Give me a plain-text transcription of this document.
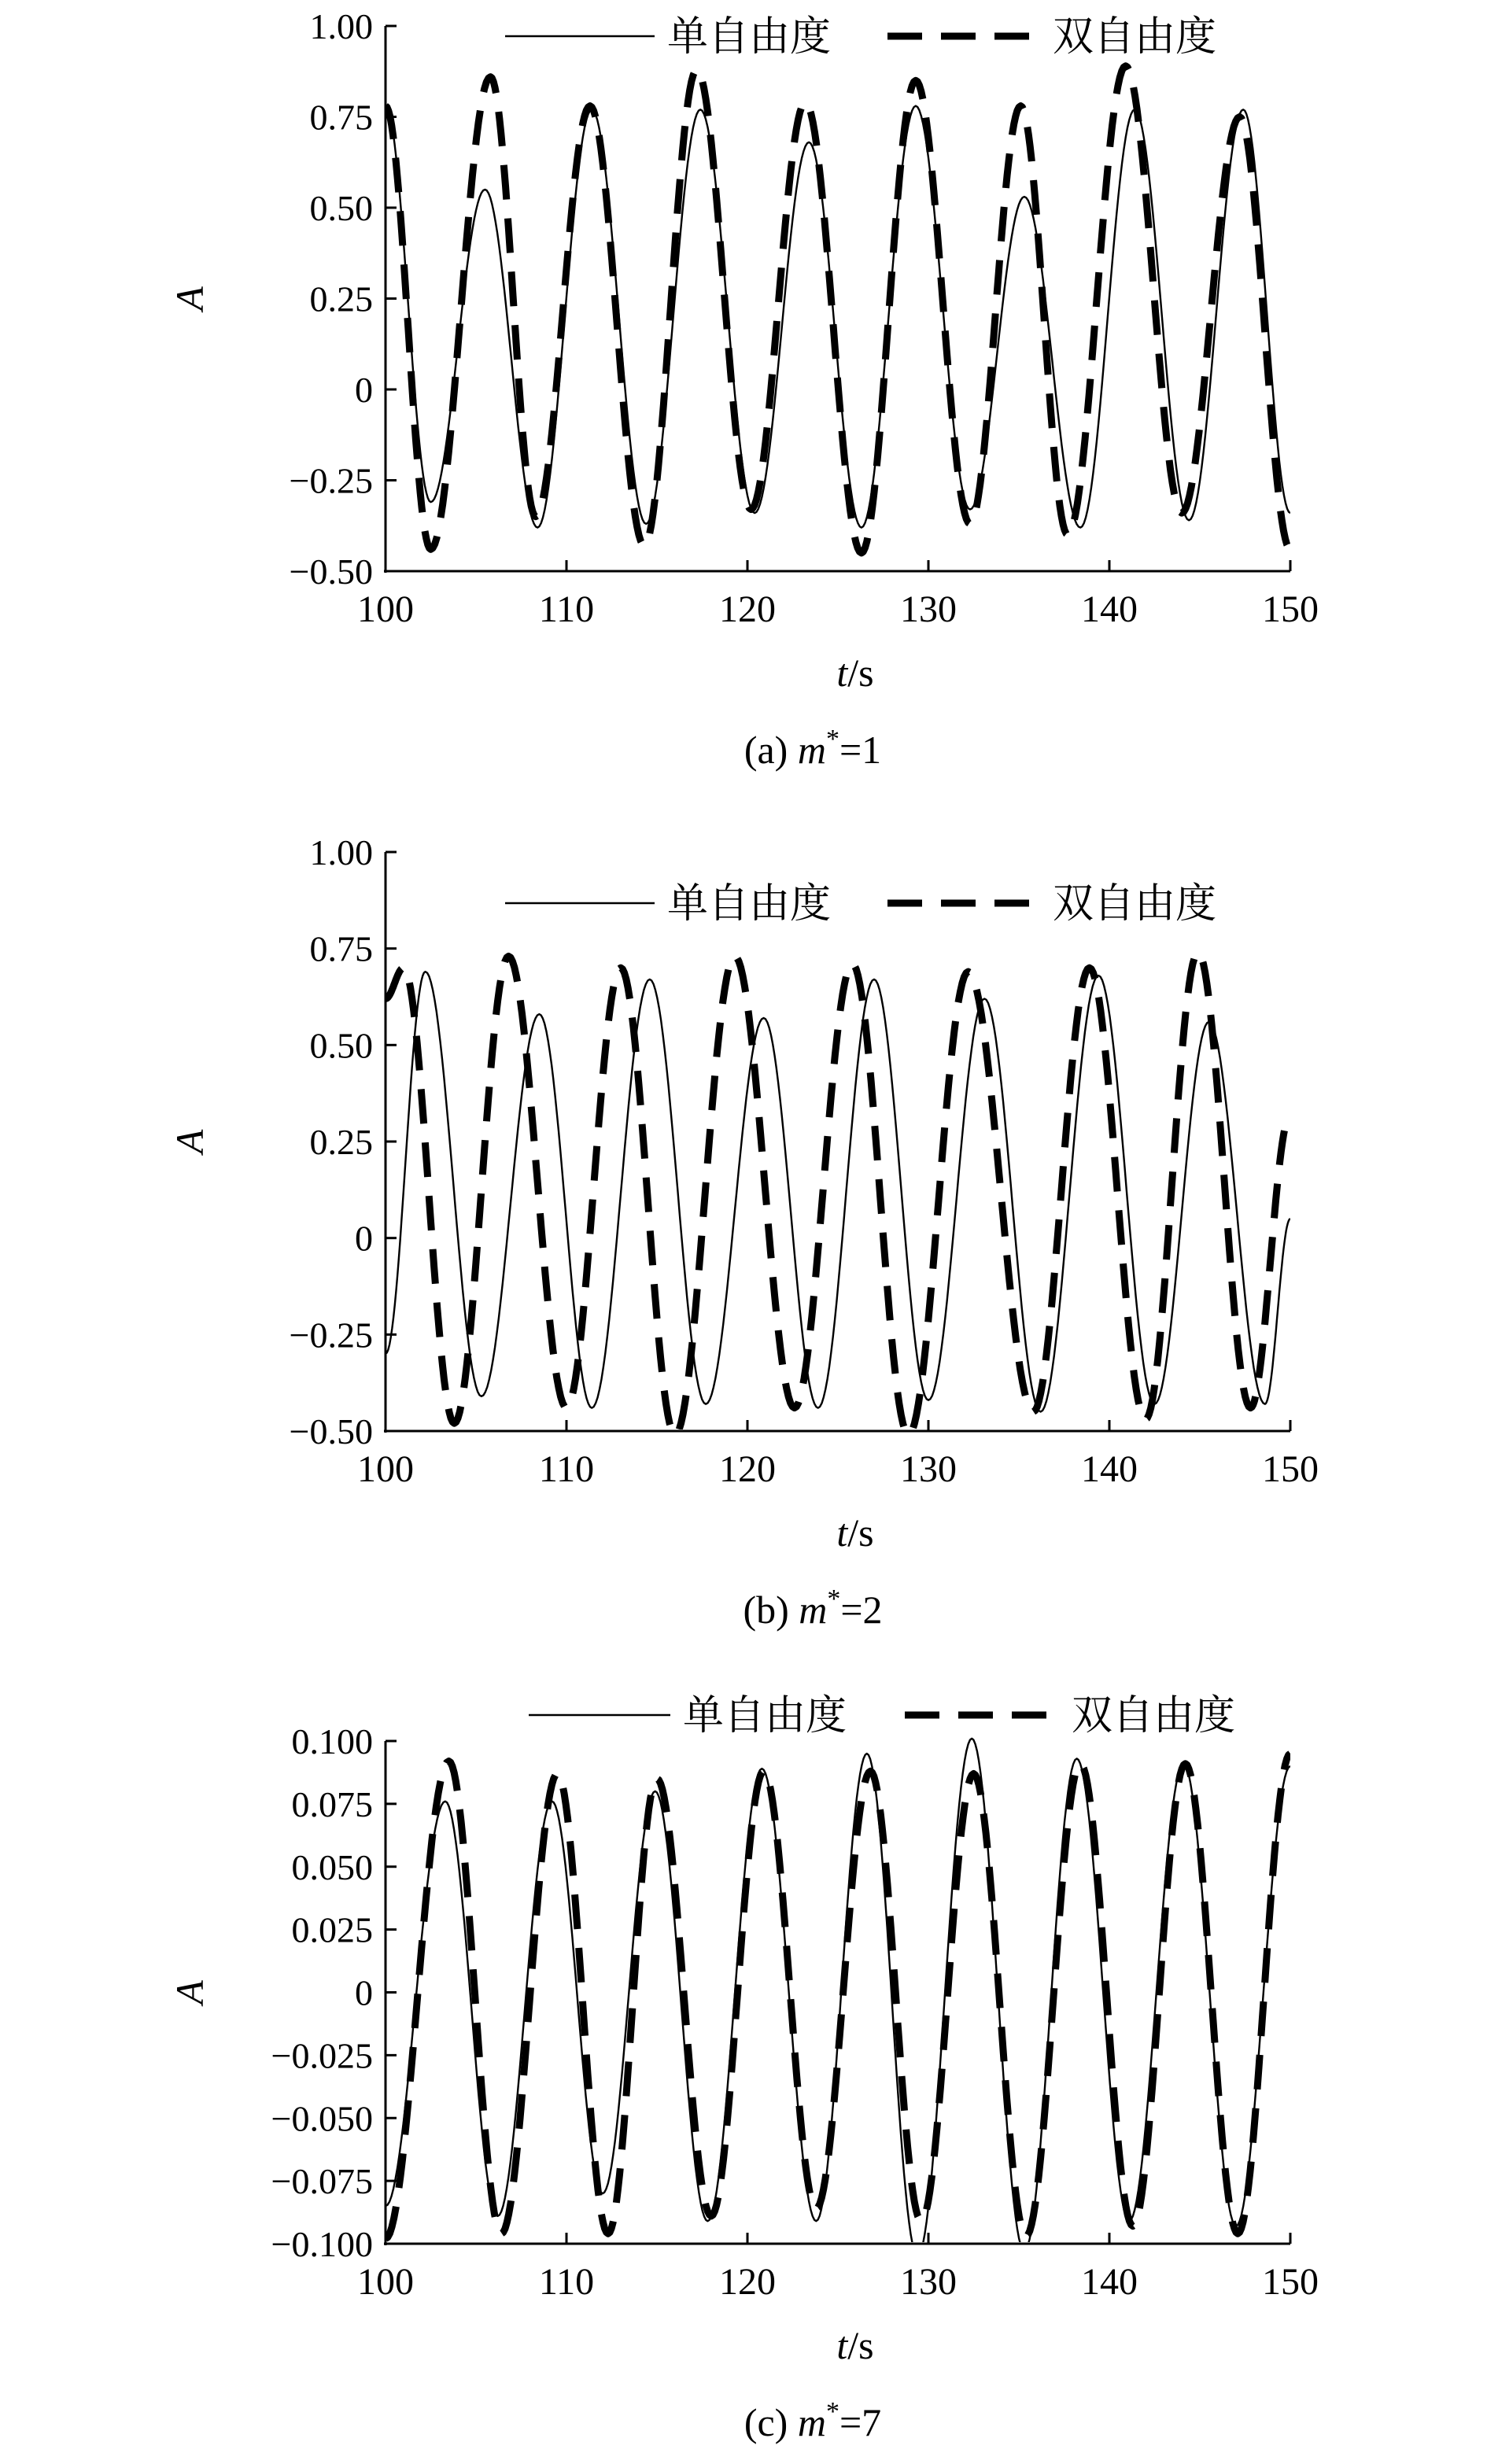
−0.50
−0.25
0
0.25
0.50
0.75
1.00
100	110	120	130	140	150
A
t/s
(a) m*=1
单自由度	双自由度
−0.50
−0.25
0
0.25
0.50
0.75
1.00
100	110	120	130	140	150
A
t/s
(b) m*=2
单自由度	双自由度
−0.100
−0.075
−0.050
−0.025
0
0.025
0.050
0.075
0.100
100	110	120	130	140	150
A
t/s
(c) m*=7
单自由度	双自由度
